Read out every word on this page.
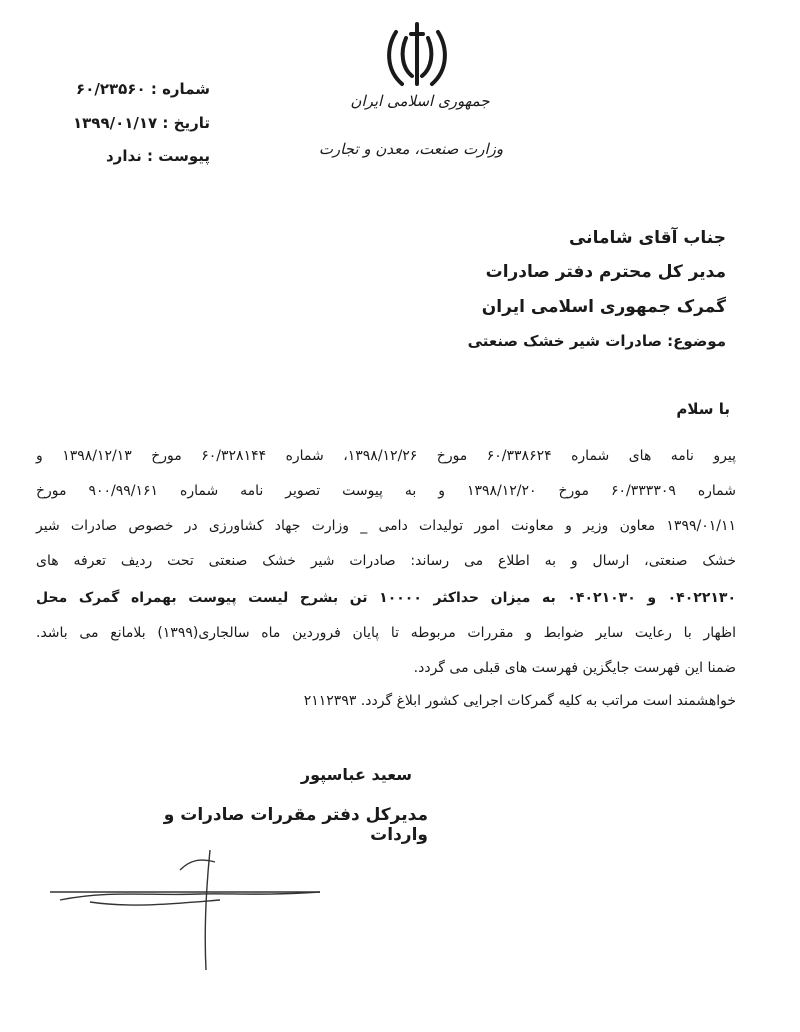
جمهوری اسلامی ایران
وزارت صنعت، معدن و تجارت
شماره : ۶۰/۲۳۵۶۰
تاریخ : ۱۳۹۹/۰۱/۱۷
پیوست : ندارد
جناب آقای شامانی
مدیر کل محترم دفتر صادرات
گمرک جمهوری اسلامی ایران
موضوع: صادرات شیر خشک صنعتی
با سلام
پیرو نامه های شماره ۶۰/۳۳۸۶۲۴ مورخ ۱۳۹۸/۱۲/۲۶، شماره ۶۰/۳۲۸۱۴۴ مورخ ۱۳۹۸/۱۲/۱۳ و
شماره ۶۰/۳۳۳۳۰۹ مورخ ۱۳۹۸/۱۲/۲۰ و به پیوست تصویر نامه شماره ۹۰۰/۹۹/۱۶۱ مورخ
۱۳۹۹/۰۱/۱۱ معاون وزیر و معاونت امور تولیدات دامی _ وزارت جهاد کشاورزی در خصوص صادرات شیر
خشک صنعتی، ارسال و به اطلاع می رساند: صادرات شیر خشک صنعتی تحت ردیف تعرفه های
۰۴۰۲۲۱۳۰ و ۰۴۰۲۱۰۳۰ به میزان حداکثر ۱۰۰۰۰ تن بشرح لیست پیوست بهمراه گمرک محل
اظهار با رعایت سایر ضوابط و مقررات مربوطه تا پایان فروردین ماه سالجاری(۱۳۹۹) بلامانع می باشد.
ضمنا این فهرست جایگزین فهرست های قبلی می گردد.
خواهشمند است مراتب به کلیه گمرکات اجرایی کشور ابلاغ گردد. ۲۱۱۲۳۹۳
سعید عباسپور
مدیرکل دفتر مقررات صادرات و واردات
